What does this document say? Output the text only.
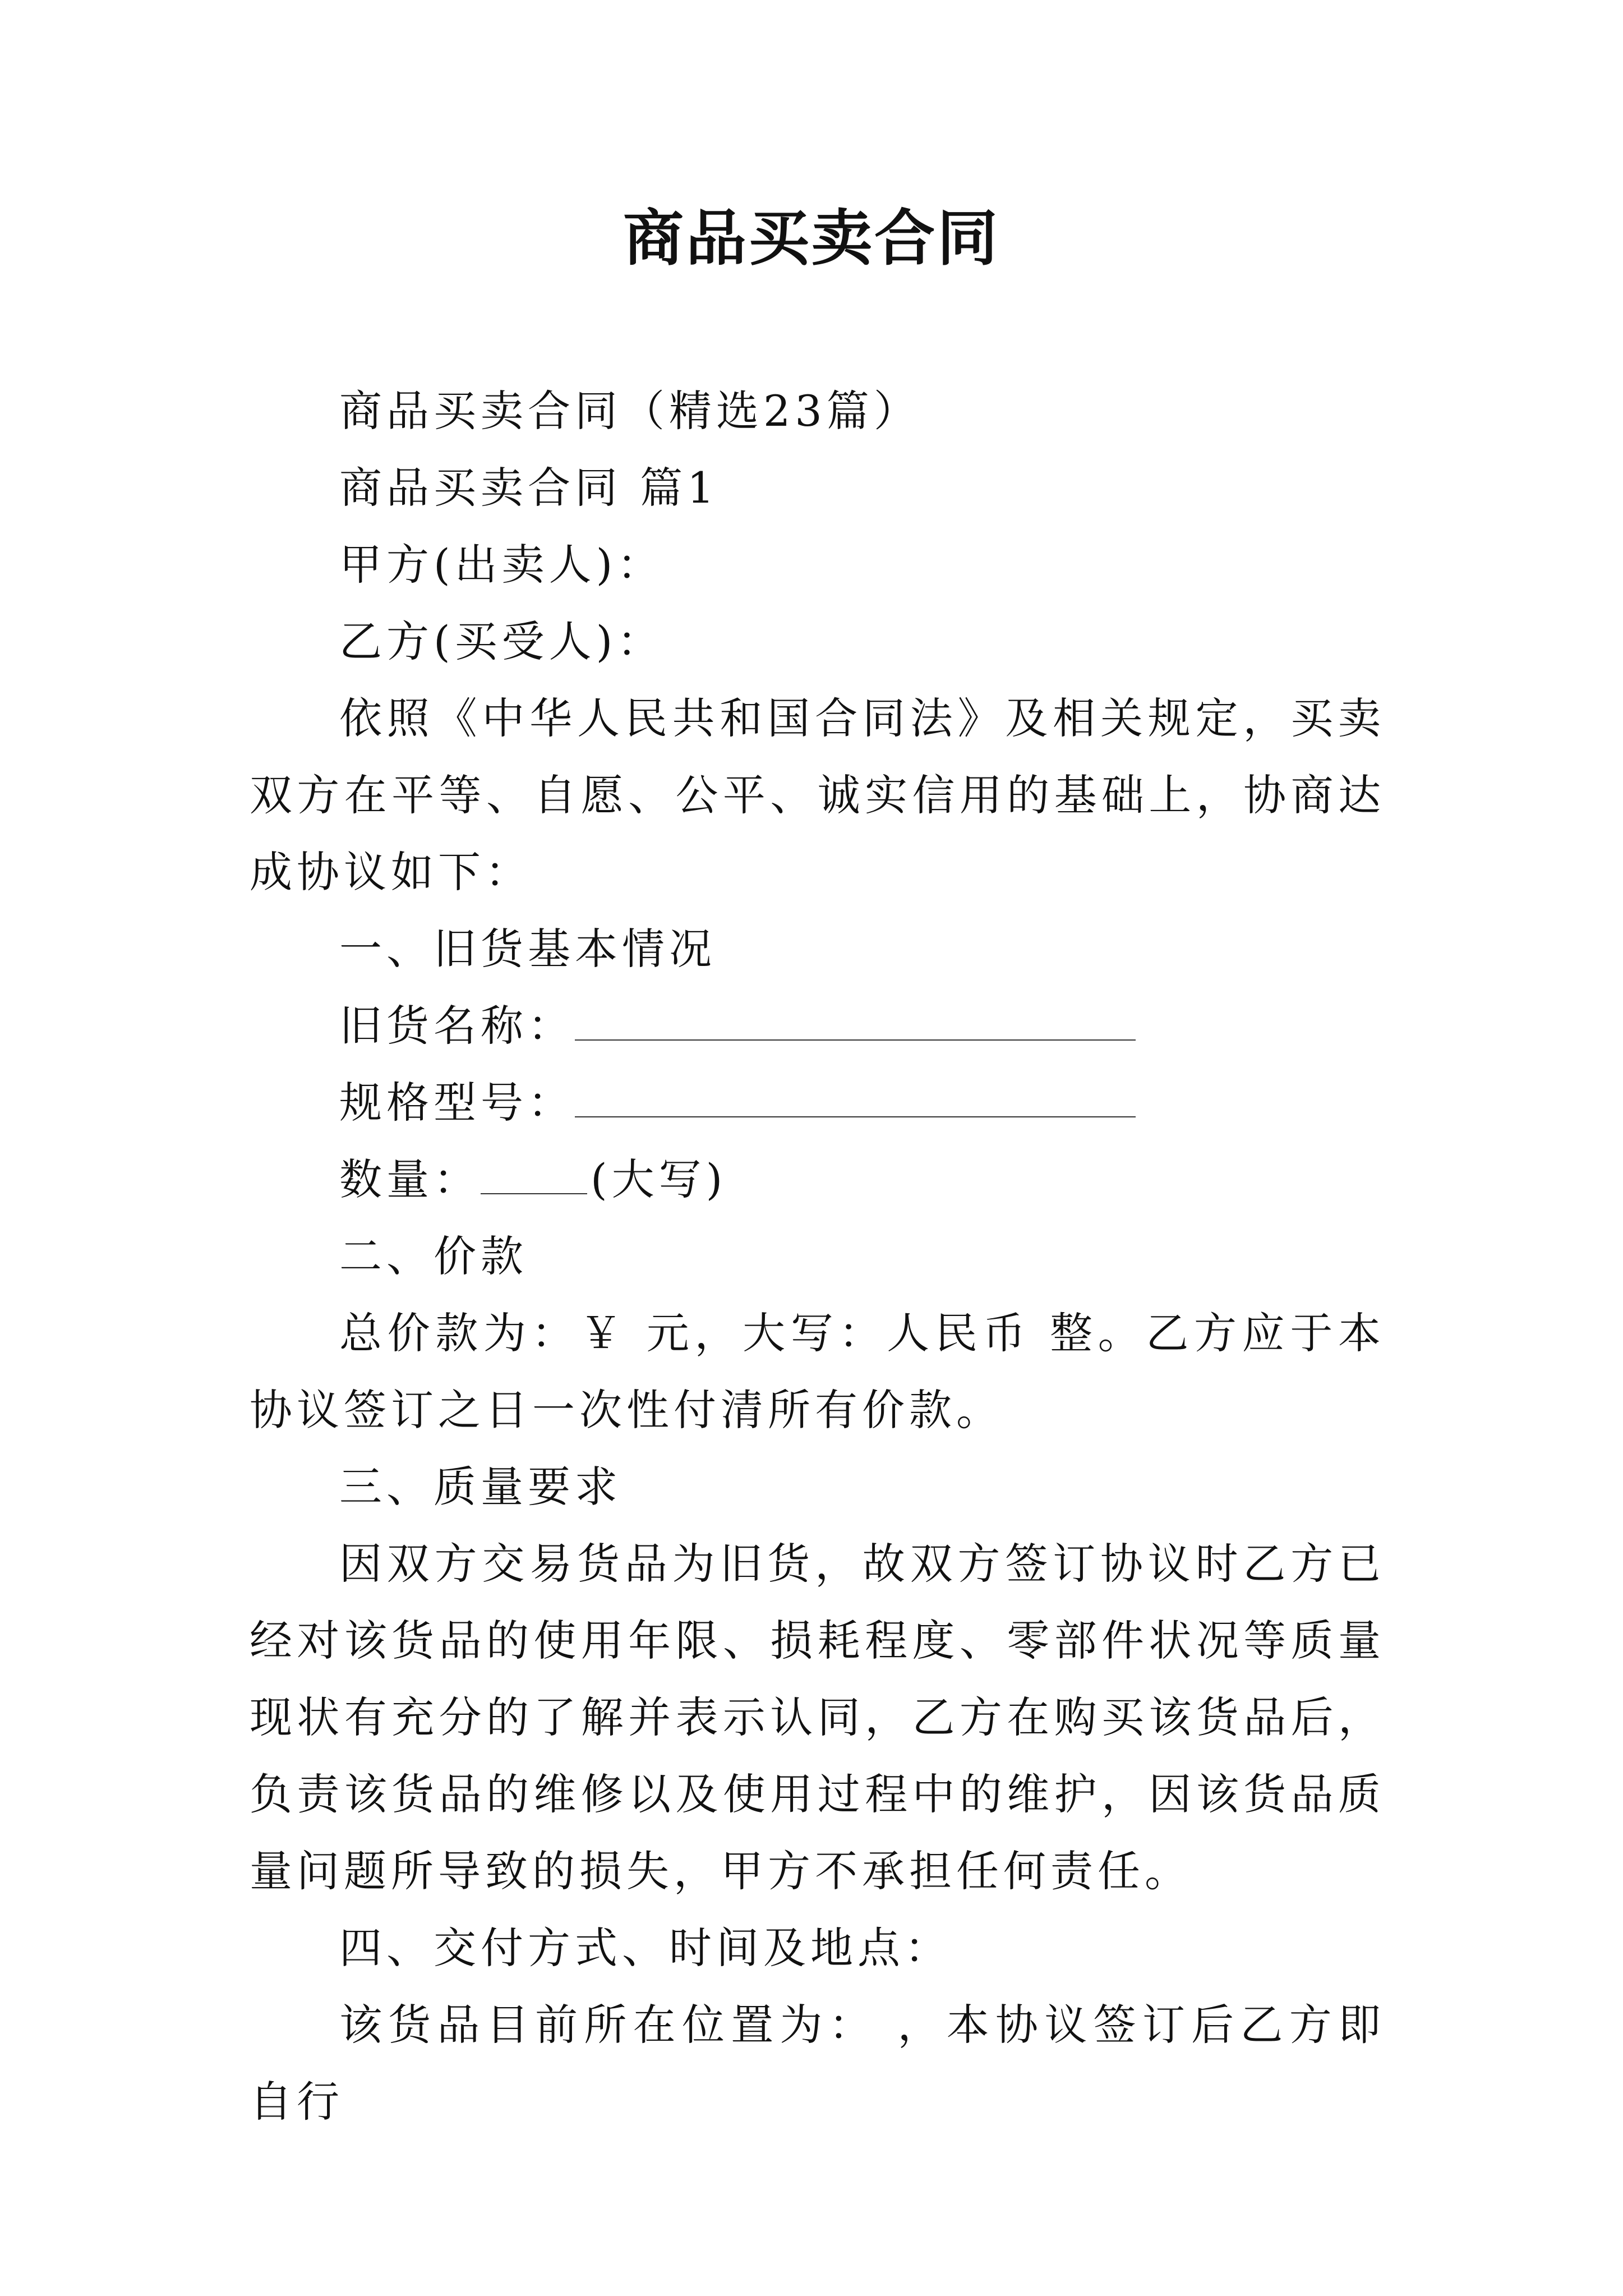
商品买卖合同

商品买卖合同（精选23篇）

商品买卖合同 篇1

甲方(出卖人)：

乙方(买受人)：

依照《中华人民共和国合同法》及相关规定，买卖双方在平等、自愿、公平、诚实信用的基础上，协商达成协议如下：

一、旧货基本情况

旧货名称：

规格型号：

数量：	(大写)

二、价款

总价款为：￥ 元，大写：人民币 整。乙方应于本协议签订之日一次性付清所有价款。

三、质量要求

因双方交易货品为旧货，故双方签订协议时乙方已经对该货品的使用年限、损耗程度、零部件状况等质量现状有充分的了解并表示认同，乙方在购买该货品后，负责该货品的维修以及使用过程中的维护，因该货品质量问题所导致的损失，甲方不承担任何责任。

四、交付方式、时间及地点：

该货品目前所在位置为： ，本协议签订后乙方即自行
